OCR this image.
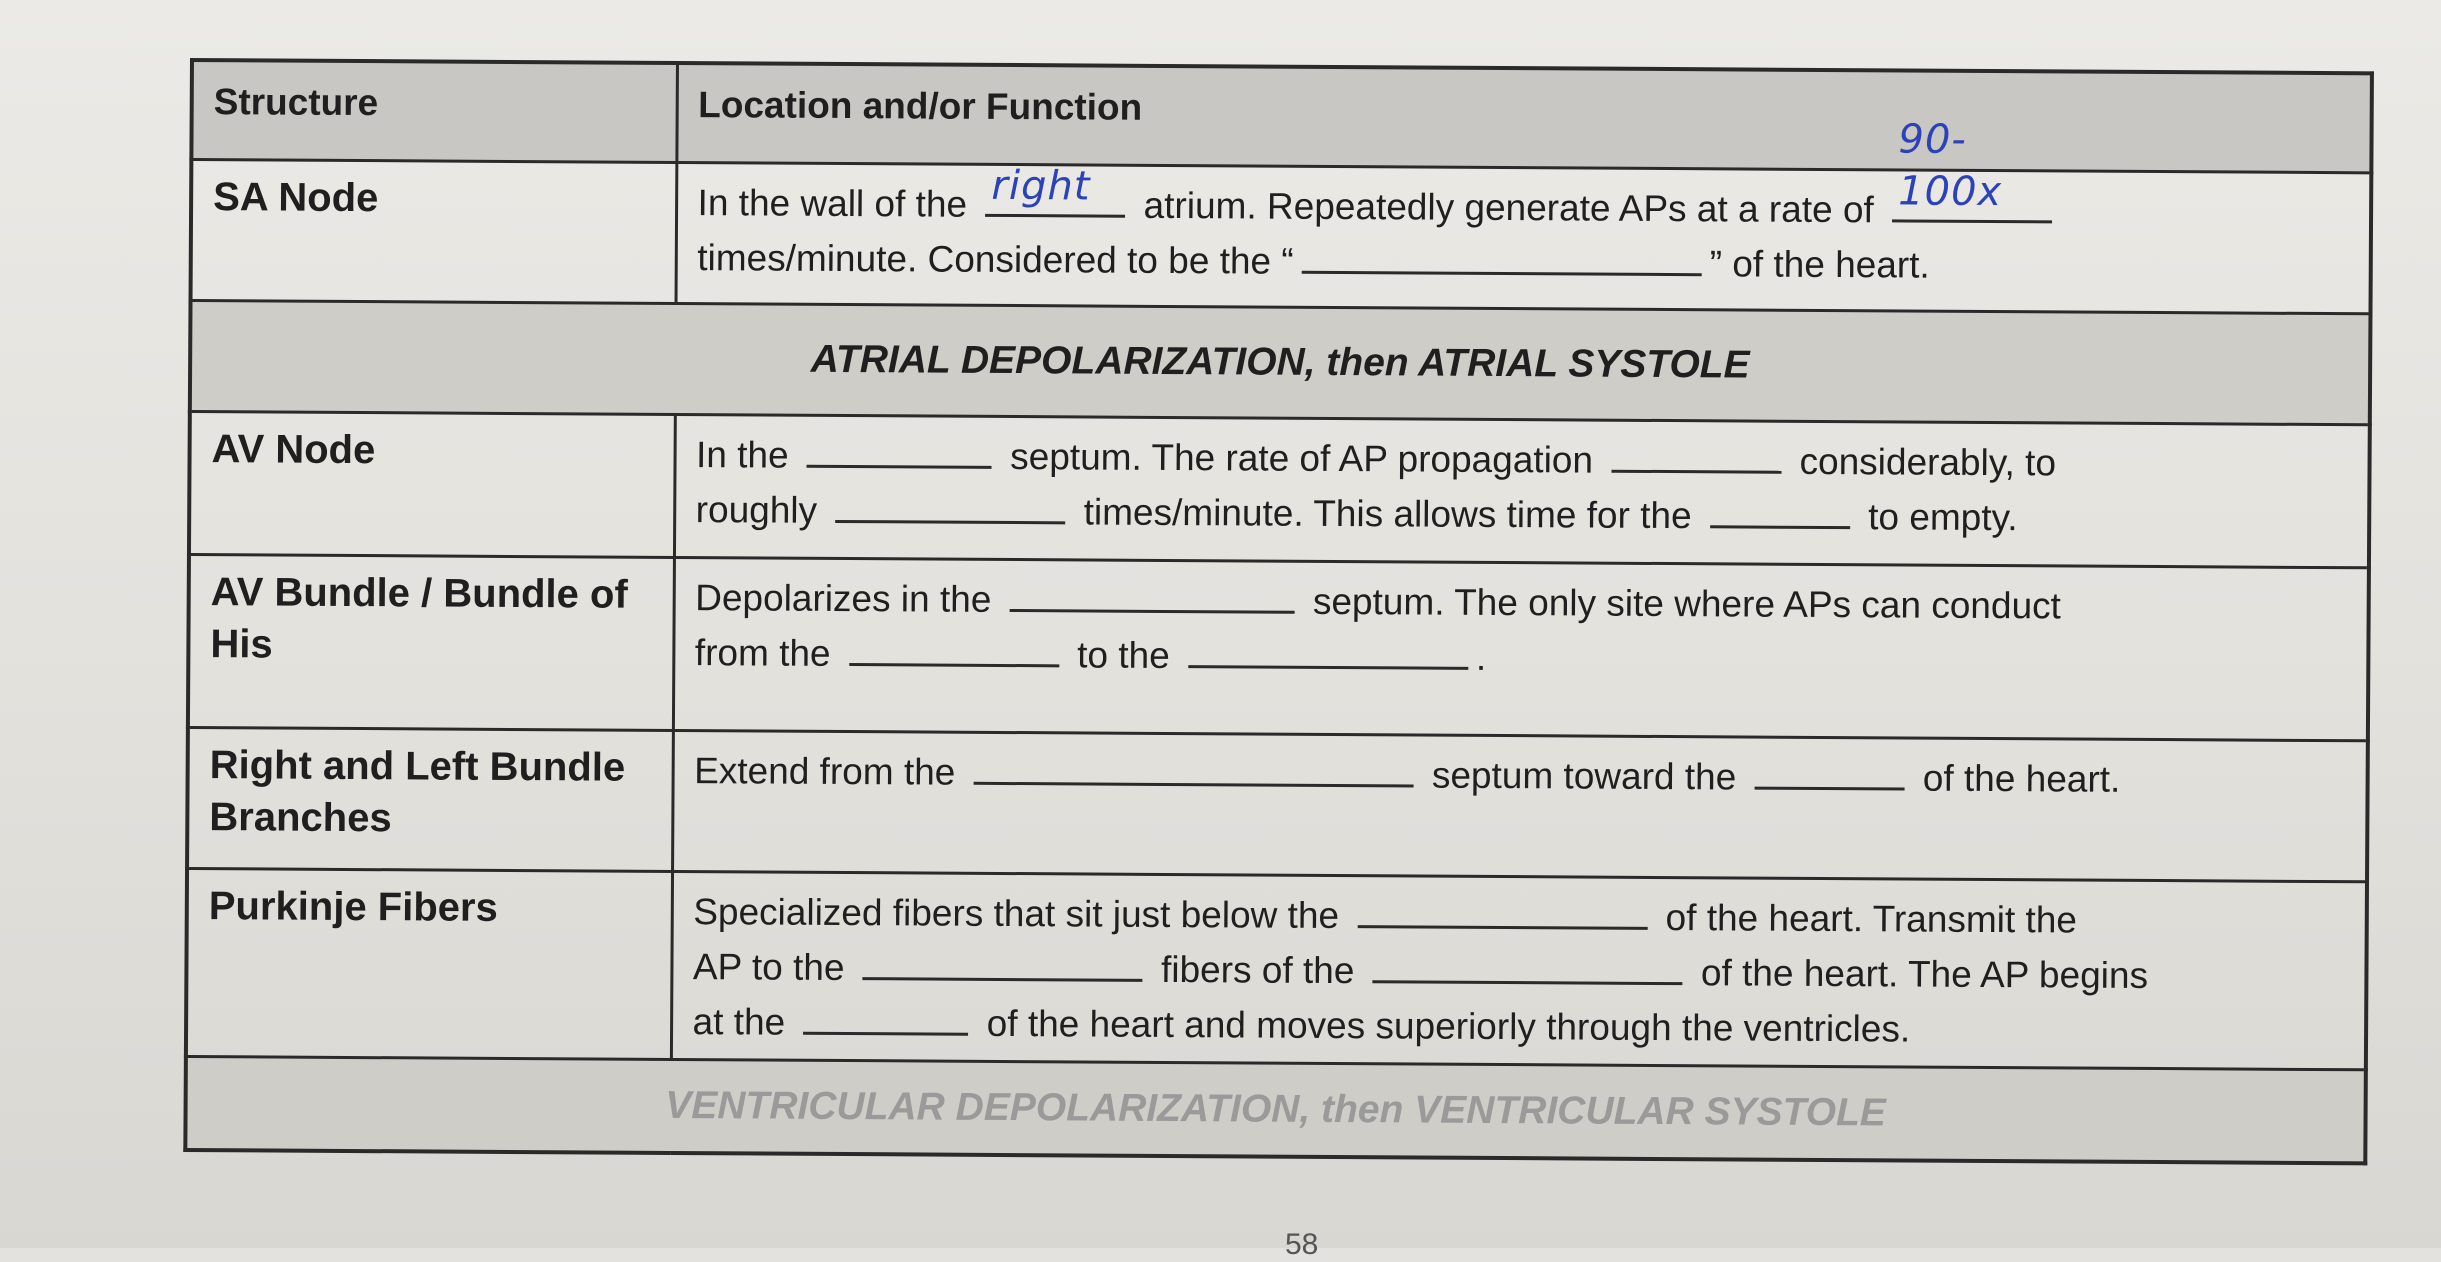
Structure	Location and/or Function
SA Node	In the wall of the right atrium. Repeatedly generate APs at a rate of
90-100x

times/minute. Considered to be the “ ” of the heart.
ATRIAL DEPOLARIZATION, then ATRIAL SYSTOLE	
AV Node	In the septum. The rate of AP propagation considerably, to
roughly times/minute. This allows time for the to empty.
AV Bundle / Bundle of His	Depolarizes in the septum. The only site where APs can conduct
from the to the .
Right and Left Bundle Branches	Extend from the septum toward the of the heart.
Purkinje Fibers	Specialized fibers that sit just below the of the heart. Transmit the
AP to the fibers of the of the heart. The AP begins
at the of the heart and moves superiorly through the ventricles.
VENTRICULAR DEPOLARIZATION, then VENTRICULAR SYSTOLE	
58
